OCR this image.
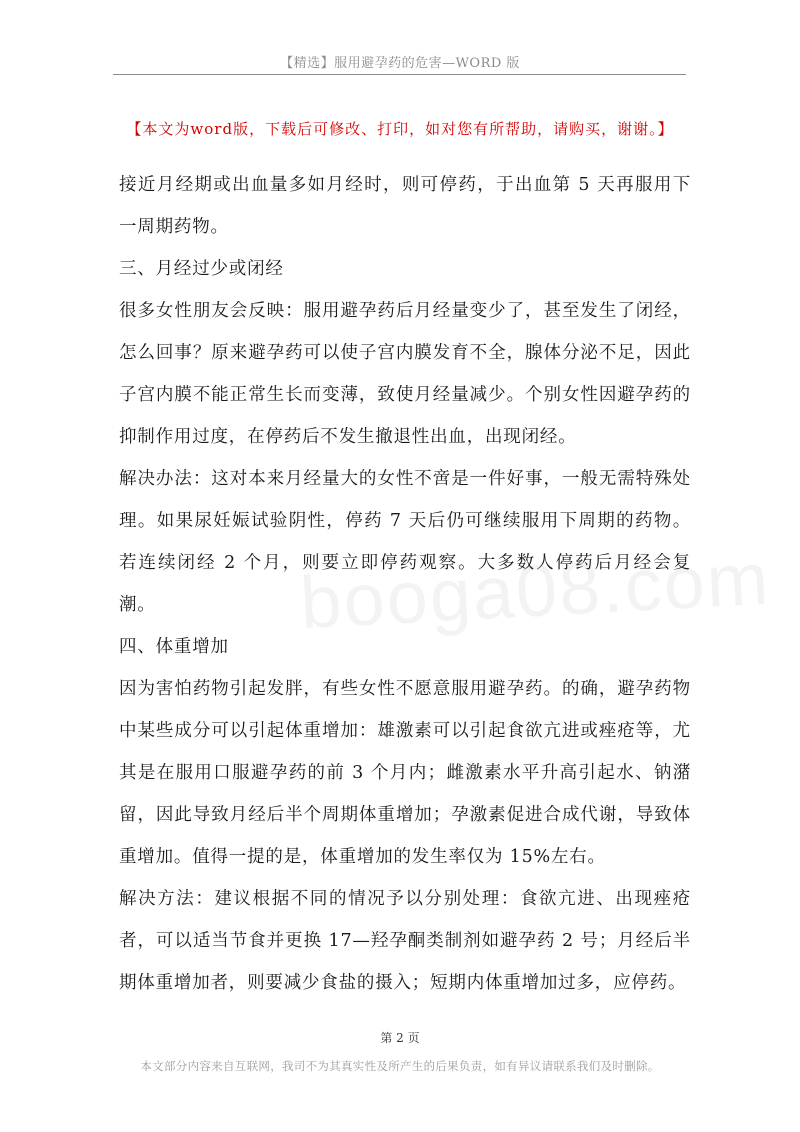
【精选】服用避孕药的危害—WORD 版
【本文为word版，下载后可修改、打印，如对您有所帮助，请购买，谢谢。】

接近月经期或出血量多如月经时，则可停药，于出血第 5 天再服用下一周期药物。

三、月经过少或闭经

很多女性朋友会反映：服用避孕药后月经量变少了，甚至发生了闭经，怎么回事？原来避孕药可以使子宫内膜发育不全，腺体分泌不足，因此子宫内膜不能正常生长而变薄，致使月经量减少。个别女性因避孕药的抑制作用过度，在停药后不发生撤退性出血，出现闭经。

解决办法：这对本来月经量大的女性不啻是一件好事，一般无需特殊处理。如果尿妊娠试验阴性，停药 7 天后仍可继续服用下周期的药物。若连续闭经 2 个月，则要立即停药观察。大多数人停药后月经会复潮。

四、体重增加

因为害怕药物引起发胖，有些女性不愿意服用避孕药。的确，避孕药物中某些成分可以引起体重增加：雄激素可以引起食欲亢进或痤疮等，尤其是在服用口服避孕药的前 3 个月内；雌激素水平升高引起水、钠潴留，因此导致月经后半个周期体重增加；孕激素促进合成代谢，导致体重增加。值得一提的是，体重增加的发生率仅为 15%左右。

解决方法：建议根据不同的情况予以分别处理：食欲亢进、出现痤疮者，可以适当节食并更换 17—羟孕酮类制剂如避孕药 2 号；月经后半期体重增加者，则要减少食盐的摄入；短期内体重增加过多，应停药。

第 2 页
本文部分内容来自互联网，我司不为其真实性及所产生的后果负责，如有异议请联系我们及时删除。
